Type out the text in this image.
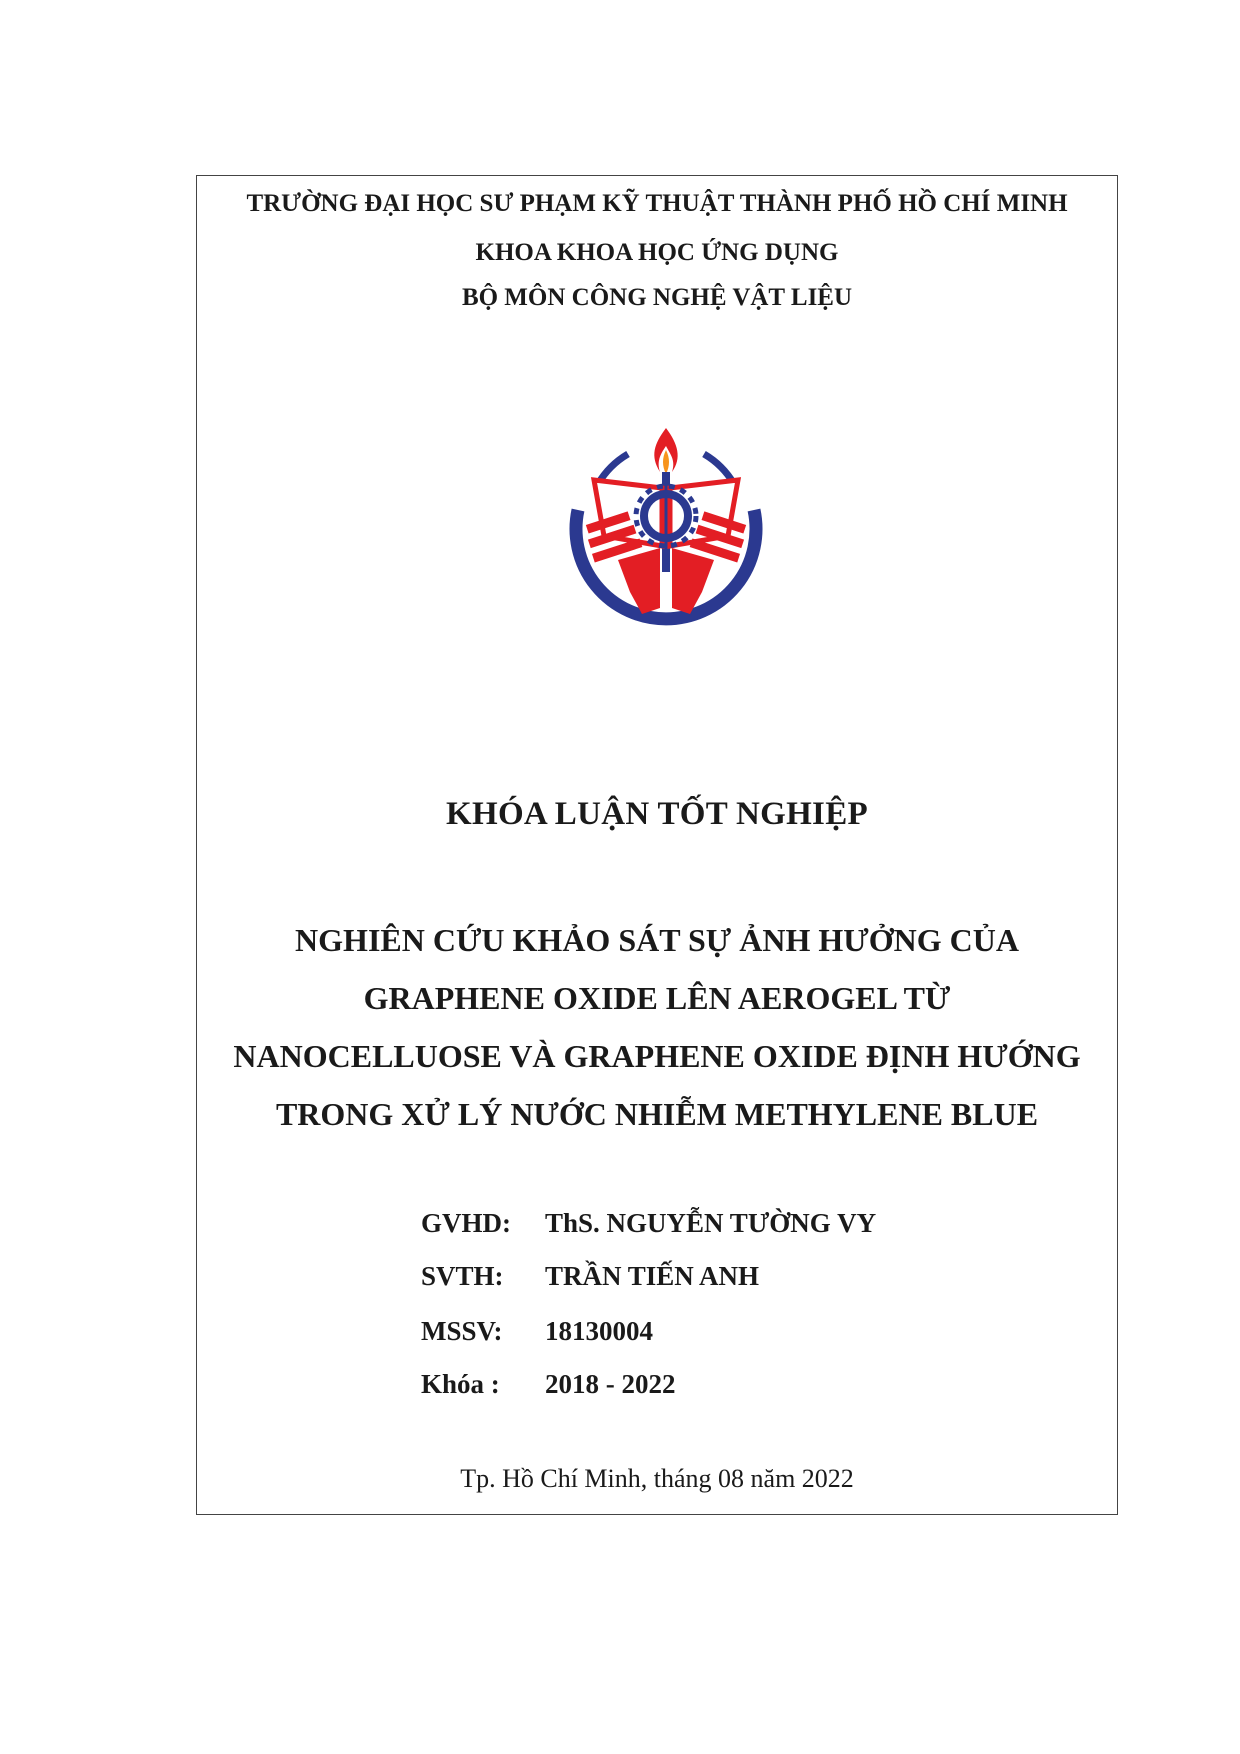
TRƯỜNG ĐẠI HỌC SƯ PHẠM KỸ THUẬT THÀNH PHỐ HỒ CHÍ MINH
KHOA KHOA HỌC ỨNG DỤNG
BỘ MÔN CÔNG NGHỆ VẬT LIỆU
KHÓA LUẬN TỐT NGHIỆP
NGHIÊN CỨU KHẢO SÁT SỰ ẢNH HƯỞNG CỦA
GRAPHENE OXIDE LÊN AEROGEL TỪ
NANOCELLUOSE VÀ GRAPHENE OXIDE ĐỊNH HƯỚNG
TRONG XỬ LÝ NƯỚC NHIỄM METHYLENE BLUE
GVHD: ThS. NGUYỄN TƯỜNG VY
SVTH: TRẦN TIẾN ANH
MSSV: 18130004
Khóa : 2018 - 2022
Tp. Hồ Chí Minh, tháng 08 năm 2022
